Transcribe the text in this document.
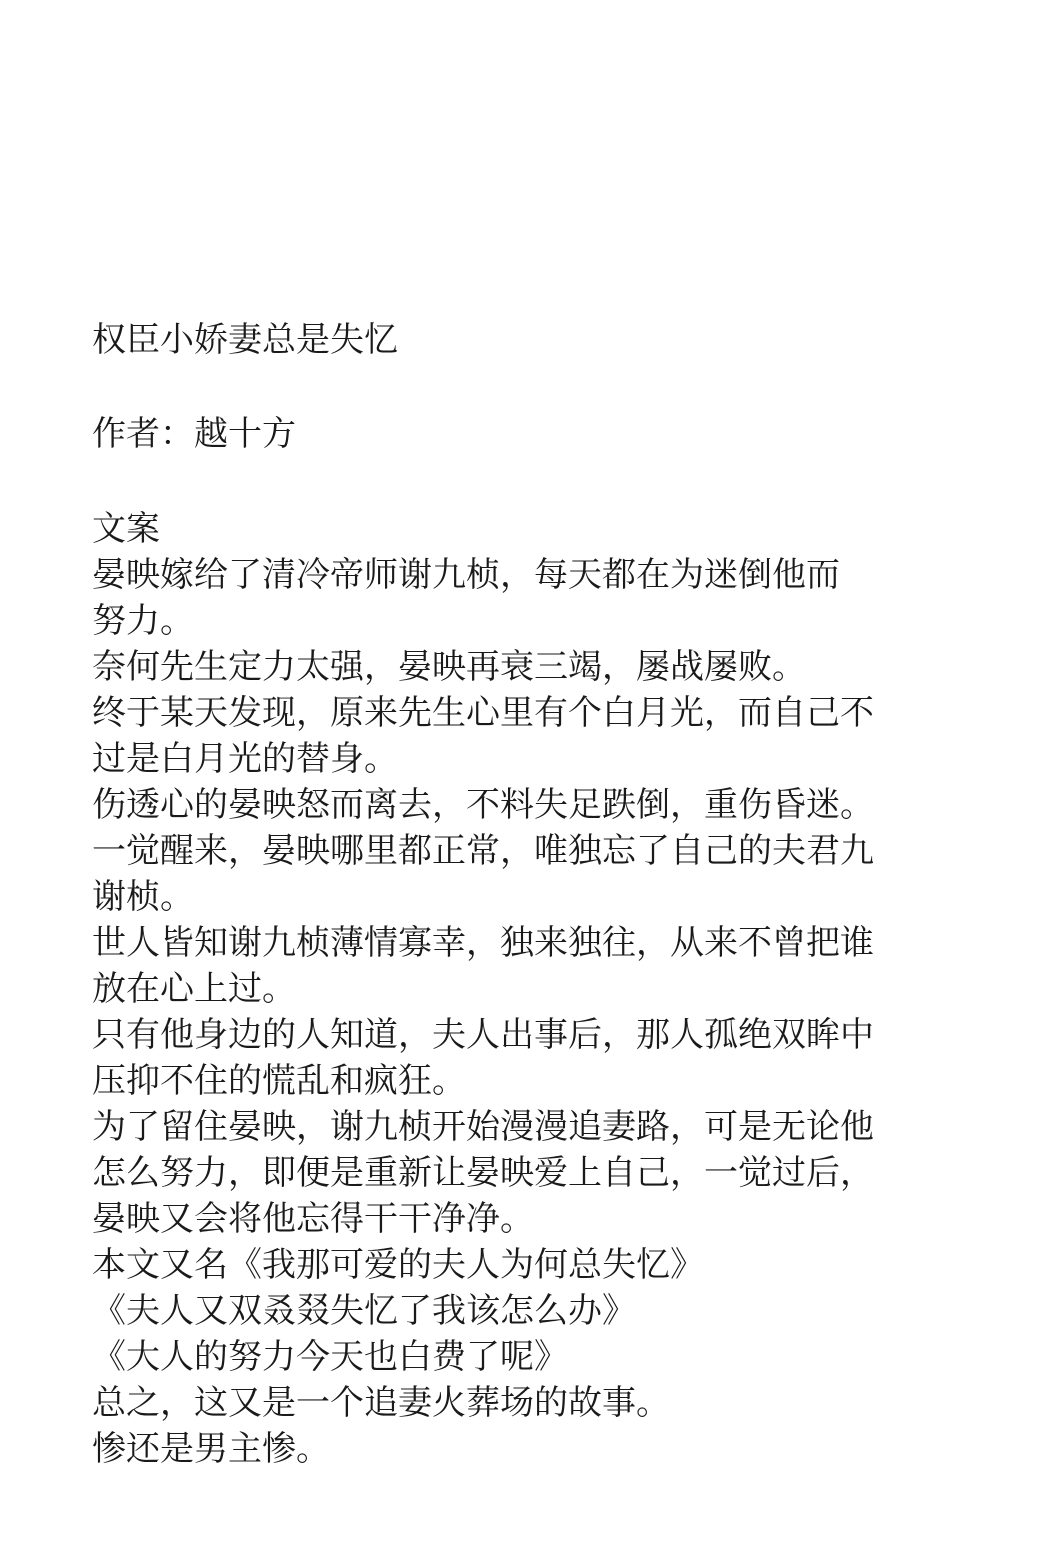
权臣小娇妻总是失忆
作者：越十方
文案
晏映嫁给了清冷帝师谢九桢，每天都在为迷倒他而
努力。
奈何先生定力太强，晏映再衰三竭，屡战屡败。
终于某天发现，原来先生心里有个白月光，而自己不
过是白月光的替身。
伤透心的晏映怒而离去，不料失足跌倒，重伤昏迷。
一觉醒来，晏映哪里都正常，唯独忘了自己的夫君九
谢桢。
世人皆知谢九桢薄情寡幸，独来独往，从来不曾把谁
放在心上过。
只有他身边的人知道，夫人出事后，那人孤绝双眸中
压抑不住的慌乱和疯狂。
为了留住晏映，谢九桢开始漫漫追妻路，可是无论他
怎么努力，即便是重新让晏映爱上自己，一觉过后，
晏映又会将他忘得干干净净。
本文又名《我那可爱的夫人为何总失忆》
《夫人又双叒叕失忆了我该怎么办》
《大人的努力今天也白费了呢》
总之，这又是一个追妻火葬场的故事。
惨还是男主惨。
